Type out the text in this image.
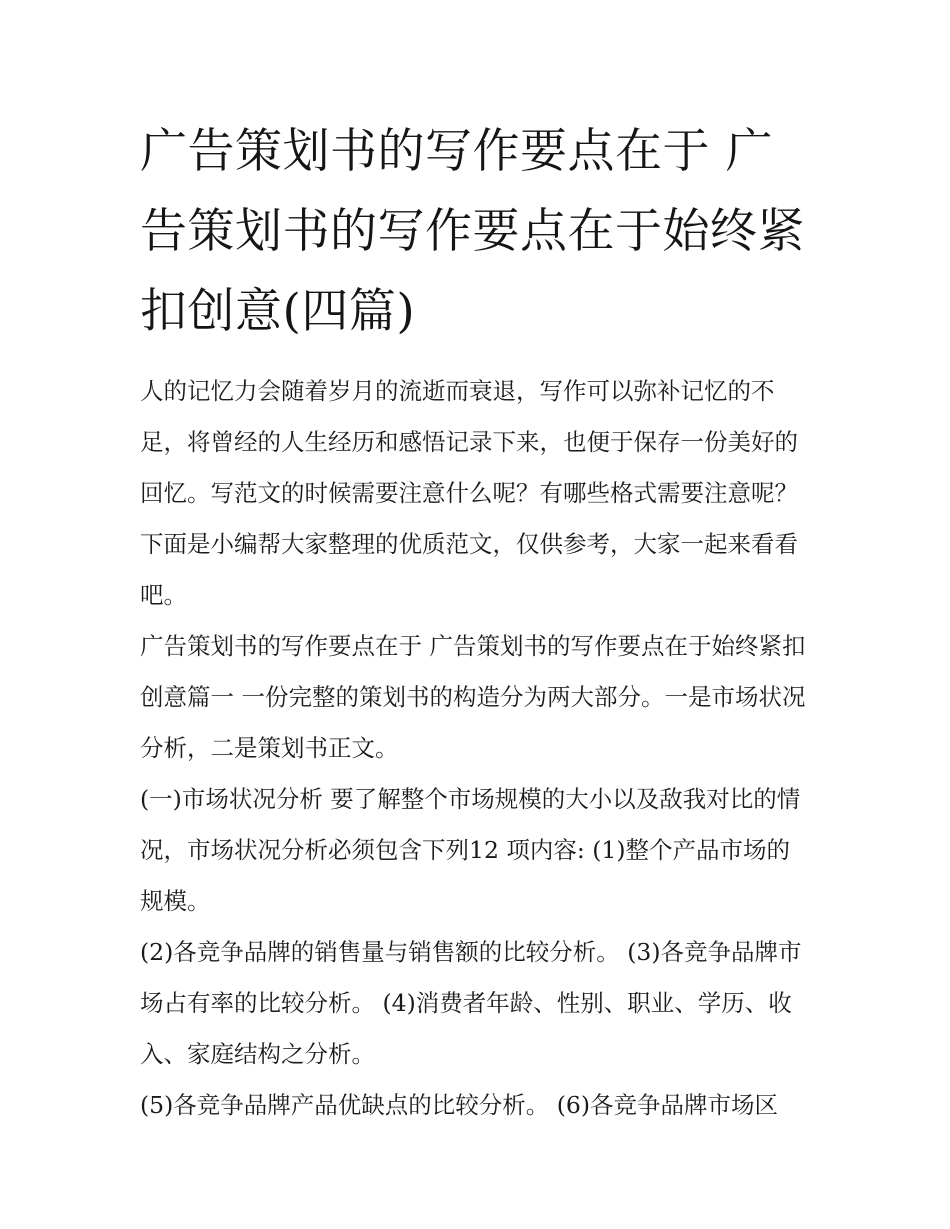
广告策划书的写作要点在于 广告策划书的写作要点在于始终紧扣创意(四篇)

人的记忆力会随着岁月的流逝而衰退，写作可以弥补记忆的不足，将曾经的人生经历和感悟记录下来，也便于保存一份美好的回忆。写范文的时候需要注意什么呢？有哪些格式需要注意呢？下面是小编帮大家整理的优质范文，仅供参考，大家一起来看看吧。

广告策划书的写作要点在于 广告策划书的写作要点在于始终紧扣创意篇一 一份完整的策划书的构造分为两大部分。一是市场状况分析，二是策划书正文。

(一)市场状况分析 要了解整个市场规模的大小以及敌我对比的情况，市场状况分析必须包含下列12 项内容: (1)整个产品市场的规模。

(2)各竞争品牌的销售量与销售额的比较分析。 (3)各竞争品牌市场占有率的比较分析。 (4)消费者年龄、性别、职业、学历、收入、家庭结构之分析。

(5)各竞争品牌产品优缺点的比较分析。 (6)各竞争品牌市场区
